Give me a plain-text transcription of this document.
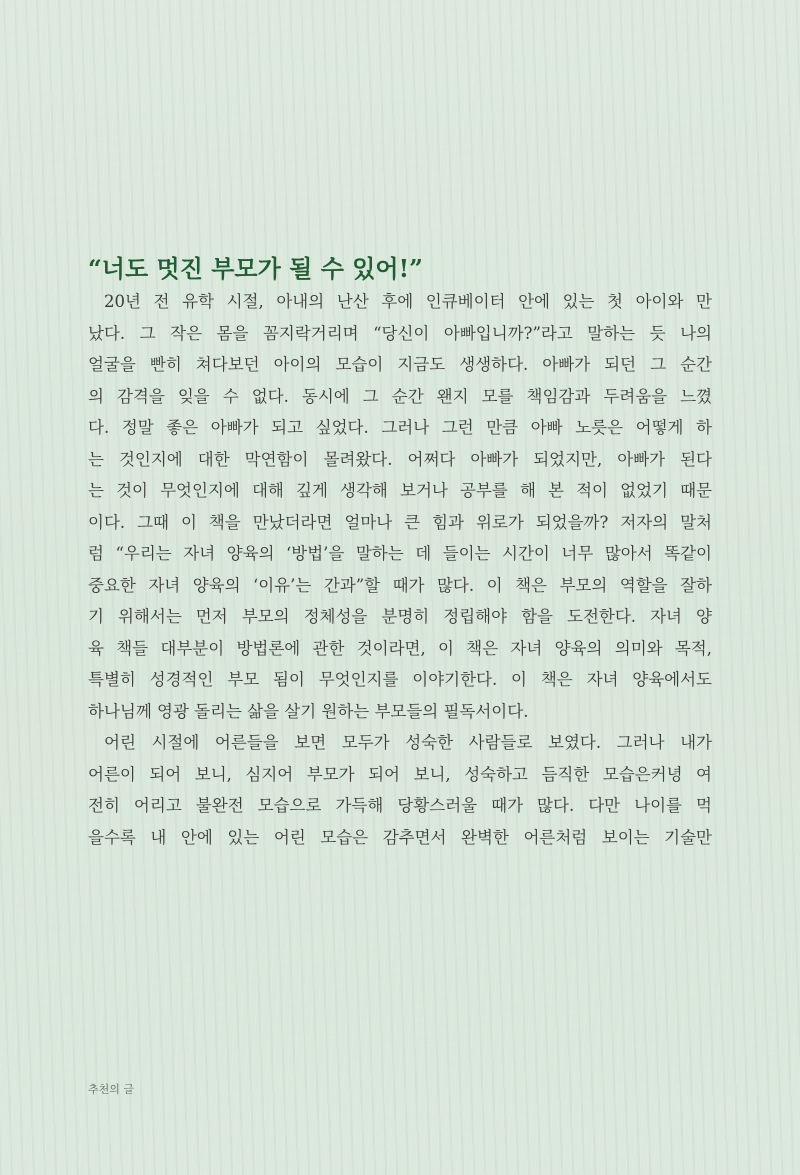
“너도 멋진 부모가 될 수 있어!”
20년 전 유학 시절, 아내의 난산 후에 인큐베이터 안에 있는 첫 아이와 만
났다. 그 작은 몸을 꼼지락거리며 “당신이 아빠입니까?”라고 말하는 듯 나의
얼굴을 빤히 쳐다보던 아이의 모습이 지금도 생생하다. 아빠가 되던 그 순간
의 감격을 잊을 수 없다. 동시에 그 순간 왠지 모를 책임감과 두려움을 느꼈
다. 정말 좋은 아빠가 되고 싶었다. 그러나 그런 만큼 아빠 노릇은 어떻게 하
는 것인지에 대한 막연함이 몰려왔다. 어쩌다 아빠가 되었지만, 아빠가 된다
는 것이 무엇인지에 대해 깊게 생각해 보거나 공부를 해 본 적이 없었기 때문
이다. 그때 이 책을 만났더라면 얼마나 큰 힘과 위로가 되었을까? 저자의 말처
럼 “우리는 자녀 양육의 ‘방법’을 말하는 데 들이는 시간이 너무 많아서 똑같이
중요한 자녀 양육의 ‘이유’는 간과”할 때가 많다. 이 책은 부모의 역할을 잘하
기 위해서는 먼저 부모의 정체성을 분명히 정립해야 함을 도전한다. 자녀 양
육 책들 대부분이 방법론에 관한 것이라면, 이 책은 자녀 양육의 의미와 목적,
특별히 성경적인 부모 됨이 무엇인지를 이야기한다. 이 책은 자녀 양육에서도
하나님께 영광 돌리는 삶을 살기 원하는 부모들의 필독서이다.
어린 시절에 어른들을 보면 모두가 성숙한 사람들로 보였다. 그러나 내가
어른이 되어 보니, 심지어 부모가 되어 보니, 성숙하고 듬직한 모습은커녕 여
전히 어리고 불완전 모습으로 가득해 당황스러울 때가 많다. 다만 나이를 먹
을수록 내 안에 있는 어린 모습은 감추면서 완벽한 어른처럼 보이는 기술만

추천의 글
